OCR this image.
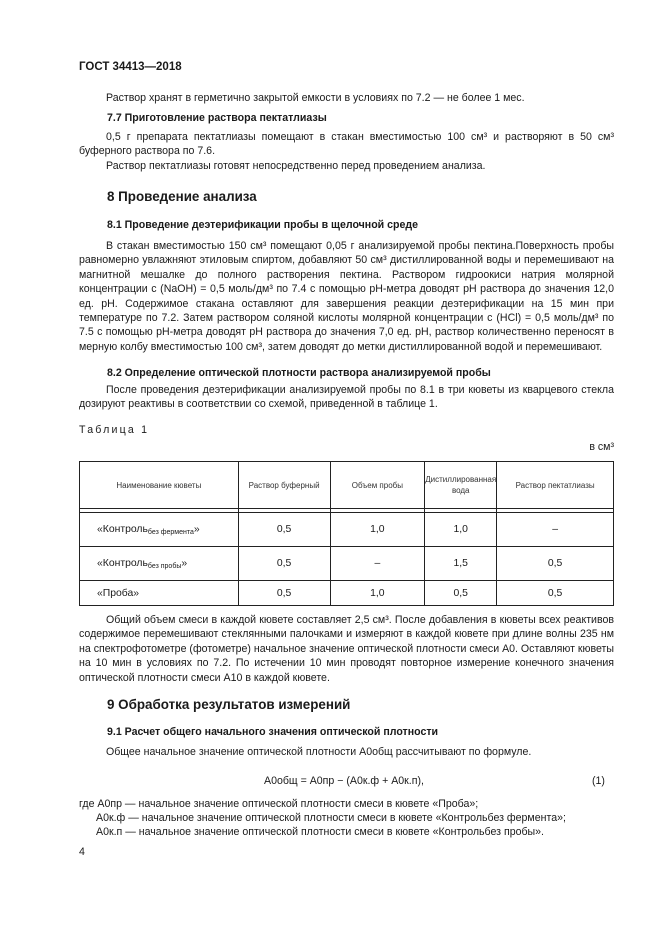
ГОСТ 34413—2018
Раствор хранят в герметично закрытой емкости в условиях по 7.2 — не более 1 мес.
7.7 Приготовление раствора пектатлиазы

0,5 г препарата пектатлиазы помещают в стакан вместимостью 100 см³ и растворяют в 50 см³ буферного раствора по 7.6.

Раствор пектатлиазы готовят непосредственно перед проведением анализа.

8 Проведение анализа
8.1 Проведение деэтерификации пробы в щелочной среде
В стакан вместимостью 150 см³ помещают 0,05 г анализируемой пробы пектина.Поверхность пробы равномерно увлажняют этиловым спиртом, добавляют 50 см³ дистиллированной воды и перемешивают на магнитной мешалке до полного растворения пектина. Раствором гидроокиси натрия молярной концентрации c (NaOH) = 0,5 моль/дм³ по 7.4 с помощью pH-метра доводят pH раствора до значения 12,0 ед. pH. Содержимое стакана оставляют для завершения реакции деэтерификации на 15 мин при температуре по 7.2. Затем раствором соляной кислоты молярной концентрации c (HCl) = 0,5 моль/дм³ по 7.5 с помощью pH-метра доводят pH раствора до значения 7,0 ед. pH, раствор количественно переносят в мерную колбу вместимостью 100 см³, затем доводят до метки дистиллированной водой и перемешивают.
8.2 Определение оптической плотности раствора анализируемой пробы
После проведения деэтерификации анализируемой пробы по 8.1 в три кюветы из кварцевого стекла дозируют реактивы в соответствии со схемой, приведенной в таблице 1.
Таблица 1
в см³
Наименование кюветы	Раствор буферный	Объем пробы	Дистиллированная вода	Раствор пектатлиазы

«Контроль$_{без фермента}$»	0,5	1,0	1,0	–
«Контроль$_{без пробы}$»	0,5	–	1,5	0,5
«Проба»	0,5	1,0	0,5	0,5
Общий объем смеси в каждой кювете составляет 2,5 см³. После добавления в кюветы всех реактивов содержимое перемешивают стеклянными палочками и измеряют в каждой кювете при длине волны 235 нм на спектрофотометре (фотометре) начальное значение оптической плотности смеси A0. Оставляют кюветы на 10 мин в условиях по 7.2. По истечении 10 мин проводят повторное измерение конечного значения оптической плотности смеси A10 в каждой кювете.
9 Обработка результатов измерений
9.1 Расчет общего начального значения оптической плотности
Общее начальное значение оптической плотности A0общ рассчитывают по формуле.
A0общ = A0пр − (A0к.ф + A0к.п),	(1)
где A0пр — начальное значение оптической плотности смеси в кювете «Проба»;
A0к.ф — начальное значение оптической плотности смеси в кювете «Контрольбез фермента»;
A0к.п — начальное значение оптической плотности смеси в кювете «Контрольбез пробы».
4
